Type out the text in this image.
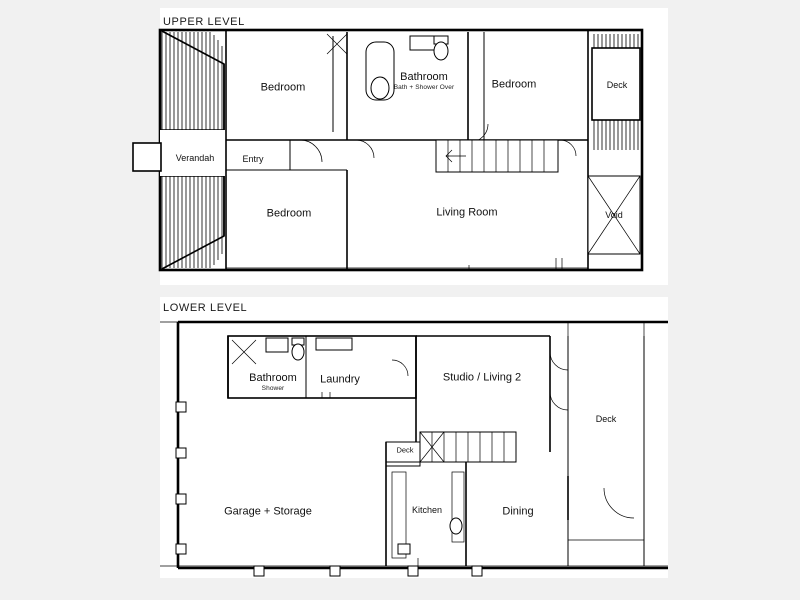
UPPER LEVEL
LOWER LEVEL
Bedroom
Bathroom
Bath + Shower Over	Bedroom	Deck
Verandah	Entry
Bedroom	Living Room	Void
Bathroom
Shower
Laundry	Studio / Living 2
Deck
Deck
Garage + Storage	Kitchen	Dining
